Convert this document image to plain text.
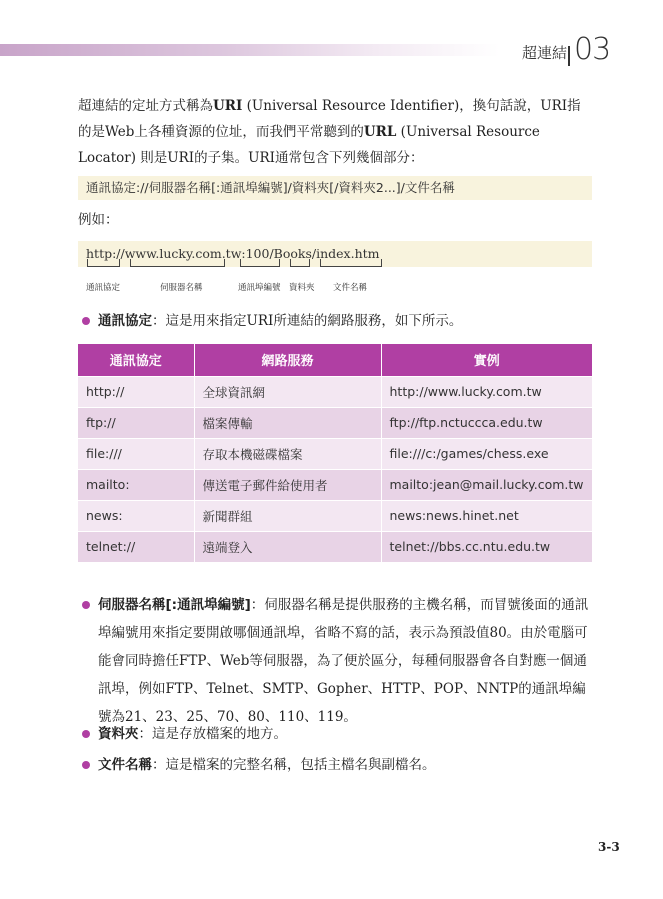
超連結 03

超連結的定址方式稱為URI (Universal Resource Identifier)，換句話說，URI指的是Web上各種資源的位址，而我們平常聽到的URL (Universal Resource Locator) 則是URI的子集。URI通常包含下列幾個部分：

通訊協定://伺服器名稱[:通訊埠編號]/資料夾[/資料夾2...]/文件名稱
例如：
http://www.lucky.com.tw:100/Books/index.htm
通訊協定	伺服器名稱	通訊埠編號 資料夾 文件名稱
通訊協定：這是用來指定URI所連結的網路服務，如下所示。
通訊協定	網路服務	實例
http://	全球資訊網	http://www.lucky.com.tw
ftp://	檔案傳輸	ftp://ftp.nctuccca.edu.tw
file:///	存取本機磁碟檔案	file:///c:/games/chess.exe
mailto:	傳送電子郵件給使用者	mailto:jean@mail.lucky.com.tw
news:	新聞群組	news:news.hinet.net
telnet://	遠端登入	telnet://bbs.cc.ntu.edu.tw
伺服器名稱[:通訊埠編號]：伺服器名稱是提供服務的主機名稱，而冒號後面的通訊埠編號用來指定要開啟哪個通訊埠，省略不寫的話，表示為預設值80。由於電腦可能會同時擔任FTP、Web等伺服器，為了便於區分，每種伺服器會各自對應一個通訊埠，例如FTP、Telnet、SMTP、Gopher、HTTP、POP、NNTP的通訊埠編號為21、23、25、70、80、110、119。
資料夾：這是存放檔案的地方。
文件名稱：這是檔案的完整名稱，包括主檔名與副檔名。
3-3
